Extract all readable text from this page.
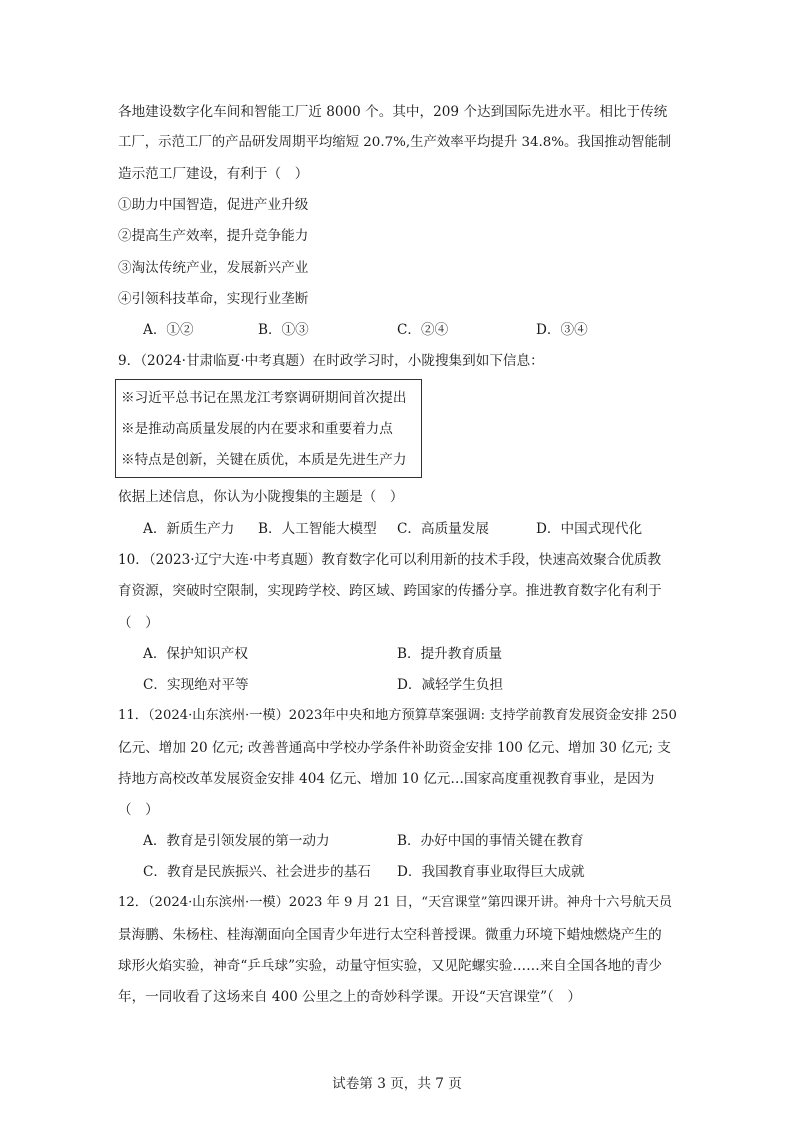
各地建设数字化车间和智能工厂近 8000 个。其中，209 个达到国际先进水平。相比于传统
工厂，示范工厂的产品研发周期平均缩短 20.7%,生产效率平均提升 34.8%。我国推动智能制
造示范工厂建设，有利于（　）
①助力中国智造，促进产业升级
②提高生产效率，提升竞争能力
③淘汰传统产业，发展新兴产业
④引领科技革命，实现行业垄断
A．①②	B．①③	C．②④	D．③④
9．（2024·甘肃临夏·中考真题）在时政学习时，小陇搜集到如下信息：
※习近平总书记在黑龙江考察调研期间首次提出
※是推动高质量发展的内在要求和重要着力点
※特点是创新，关键在质优，本质是先进生产力
依据上述信息，你认为小陇搜集的主题是（　）
A．新质生产力 B．人工智能大模型 C．高质量发展	D．中国式现代化
10．（2023·辽宁大连·中考真题）教育数字化可以利用新的技术手段，快速高效聚合优质教
育资源，突破时空限制，实现跨学校、跨区域、跨国家的传播分享。推进教育数字化有利于
（　）
A．保护知识产权	B．提升教育质量
C．实现绝对平等	D．减轻学生负担
11．（2024·山东滨州·一模）2023年中央和地方预算草案强调: 支持学前教育发展资金安排 250
亿元、增加 20 亿元; 改善普通高中学校办学条件补助资金安排 100 亿元、增加 30 亿元; 支
持地方高校改革发展资金安排 404 亿元、增加 10 亿元…国家高度重视教育事业，是因为
（　）
A．教育是引领发展的第一动力	B．办好中国的事情关键在教育
C．教育是民族振兴、社会进步的基石 D．我国教育事业取得巨大成就
12．（2024·山东滨州·一模）2023 年 9 月 21 日，“天宫课堂”第四课开讲。神舟十六号航天员
景海鹏、朱杨柱、桂海潮面向全国青少年进行太空科普授课。微重力环境下蜡烛燃烧产生的
球形火焰实验，神奇“乒乓球”实验，动量守恒实验，又见陀螺实验……来自全国各地的青少
年，一同收看了这场来自 400 公里之上的奇妙科学课。开设“天宫课堂”（　）
试卷第 3 页，共 7 页
